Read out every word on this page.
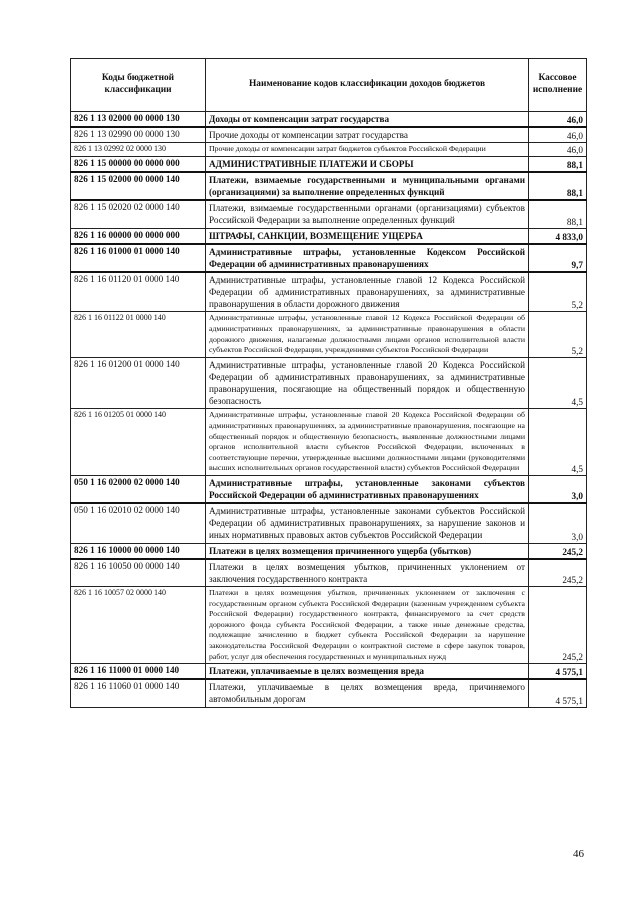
Коды бюджетной классификации	Наименование кодов классификации доходов бюджетов	Кассовое исполнение
826 1 13 02000 00 0000 130	Доходы от компенсации затрат государства	46,0
826 1 13 02990 00 0000 130	Прочие доходы от компенсации затрат государства	46,0
826 1 13 02992 02 0000 130	Прочие доходы от компенсации затрат бюджетов субъектов Российской Федерации	46,0
826 1 15 00000 00 0000 000	АДМИНИСТРАТИВНЫЕ ПЛАТЕЖИ И СБОРЫ	88,1
826 1 15 02000 00 0000 140	Платежи, взимаемые государственными и муниципальными органами (организациями) за выполнение определенных функций	88,1
826 1 15 02020 02 0000 140	Платежи, взимаемые государственными органами (организациями) субъектов Российской Федерации за выполнение определенных функций	88,1
826 1 16 00000 00 0000 000	ШТРАФЫ, САНКЦИИ, ВОЗМЕЩЕНИЕ УЩЕРБА	4 833,0
826 1 16 01000 01 0000 140	Административные штрафы, установленные Кодексом Российской Федерации об административных правонарушениях	9,7
826 1 16 01120 01 0000 140	Административные штрафы, установленные главой 12 Кодекса Российской Федерации об административных правонарушениях, за административные правонарушения в области дорожного движения	5,2
826 1 16 01122 01 0000 140	Административные штрафы, установленные главой 12 Кодекса Российской Федерации об административных правонарушениях, за административные правонарушения в области дорожного движения, налагаемые должностными лицами органов исполнительной власти субъектов Российской Федерации, учреждениями субъектов Российской Федерации	5,2
826 1 16 01200 01 0000 140	Административные штрафы, установленные главой 20 Кодекса Российской Федерации об административных правонарушениях, за административные правонарушения, посягающие на общественный порядок и общественную безопасность	4,5
826 1 16 01205 01 0000 140	Административные штрафы, установленные главой 20 Кодекса Российской Федерации об административных правонарушениях, за административные правонарушения, посягающие на общественный порядок и общественную безопасность, выявленные должностными лицами органов исполнительной власти субъектов Российской Федерации, включенных в соответствующие перечни, утвержденные высшими должностными лицами (руководителями высших исполнительных органов государственной власти) субъектов Российской Федерации	4,5
050 1 16 02000 02 0000 140	Административные штрафы, установленные законами субъектов Российской Федерации об административных правонарушениях	3,0
050 1 16 02010 02 0000 140	Административные штрафы, установленные законами субъектов Российской Федерации об административных правонарушениях, за нарушение законов и иных нормативных правовых актов субъектов Российской Федерации	3,0
826 1 16 10000 00 0000 140	Платежи в целях возмещения причиненного ущерба (убытков)	245,2
826 1 16 10050 00 0000 140	Платежи в целях возмещения убытков, причиненных уклонением от заключения государственного контракта	245,2
826 1 16 10057 02 0000 140	Платежи в целях возмещения убытков, причиненных уклонением от заключения с государственным органом субъекта Российской Федерации (казенным учреждением субъекта Российской Федерации) государственного контракта, финансируемого за счет средств дорожного фонда субъекта Российской Федерации, а также иные денежные средства, подлежащие зачислению в бюджет субъекта Российской Федерации за нарушение законодательства Российской Федерации о контрактной системе в сфере закупок товаров, работ, услуг для обеспечения государственных и муниципальных нужд	245,2
826 1 16 11000 01 0000 140	Платежи, уплачиваемые в целях возмещения вреда	4 575,1
826 1 16 11060 01 0000 140	Платежи, уплачиваемые в целях возмещения вреда, причиняемого автомобильным дорогам	4 575,1
46
